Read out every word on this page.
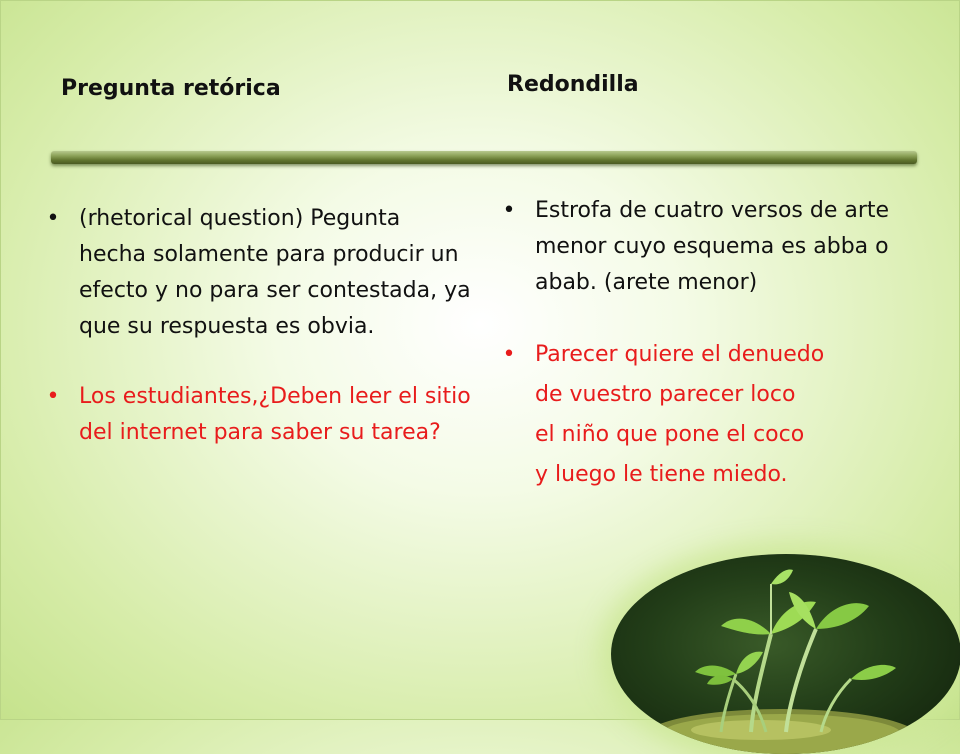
Pregunta retórica	Redondilla
• (rhetorical question) Pegunta hecha solamente para producir un efecto y no para ser contestada, ya que su respuesta es obvia.
• Los estudiantes,¿Deben leer el sitio del internet para saber su tarea?
• Estrofa de cuatro versos de arte menor cuyo esquema es abba o abab. (arete menor)
• Parecer quiere el denuedo
de vuestro parecer loco
el niño que pone el coco
y luego le tiene miedo.
